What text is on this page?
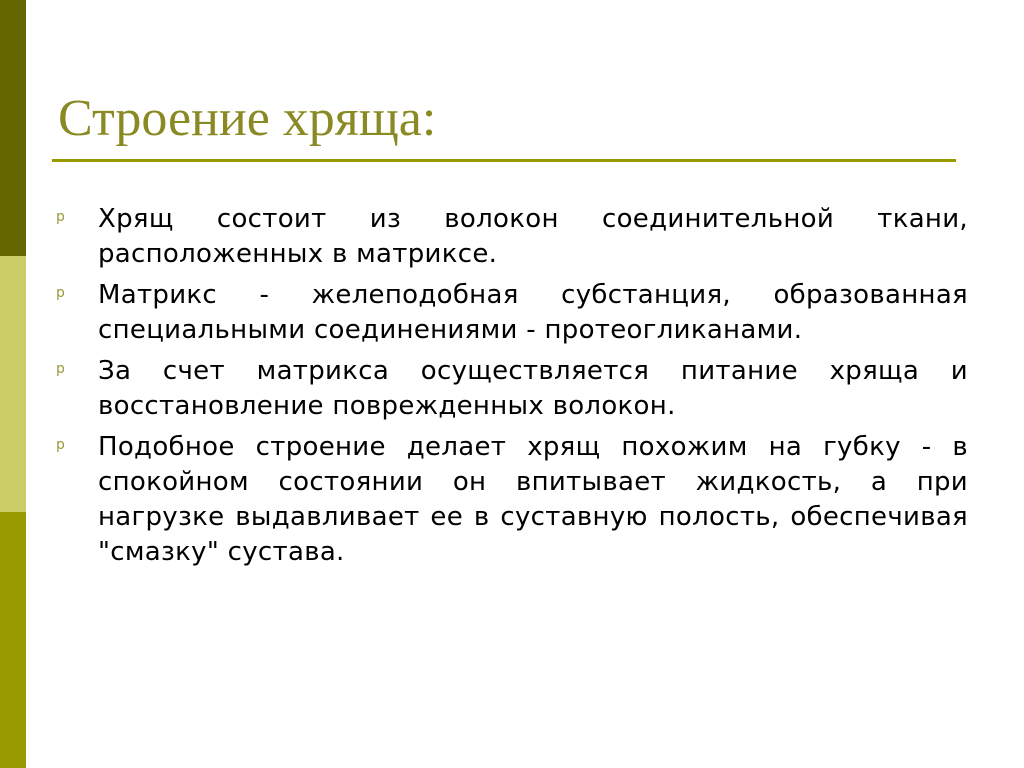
Строение хряща:
p Хрящ состоит из волокон соединительной ткани, расположенных в матриксе.
p Матрикс - желеподобная субстанция, образованная специальными соединениями - протеогликанами.
p За счет матрикса осуществляется питание хряща и восстановление поврежденных волокон.
p Подобное строение делает хрящ похожим на губку - в спокойном состоянии он впитывает жидкость, а при нагрузке выдавливает ее в суставную полость, обеспечивая "смазку" сустава.
